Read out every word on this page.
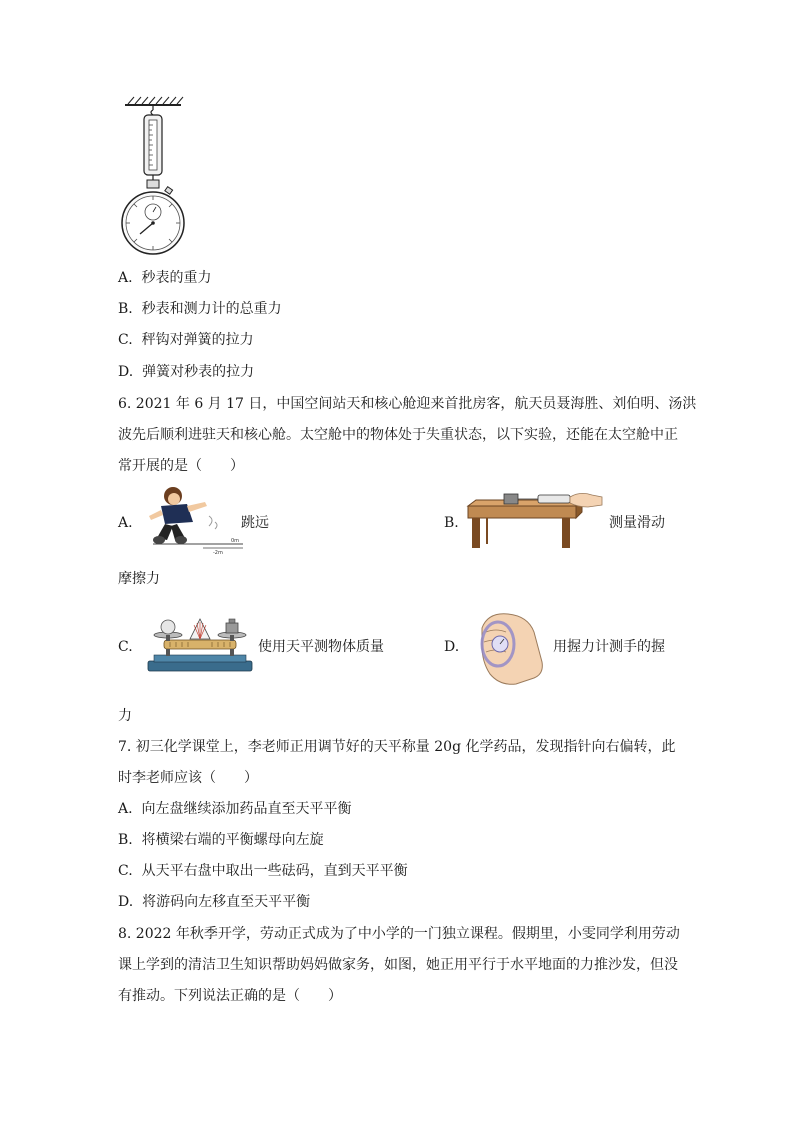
A. 秒表的重力
B. 秒表和测力计的总重力
C. 秤钩对弹簧的拉力
D. 弹簧对秒表的拉力
6. 2021 年 6 月 17 日，中国空间站天和核心舱迎来首批房客，航天员聂海胜、刘伯明、汤洪
波先后顺利进驻天和核心舱。太空舱中的物体处于失重状态，以下实验，还能在太空舱中正
常开展的是（　　）
A.
0m
-2m
跳远	B.	测量滑动
摩擦力
C.	使用天平测物体质量	D.	用握力计测手的握
力
7. 初三化学课堂上，李老师正用调节好的天平称量 20g 化学药品，发现指针向右偏转，此
时李老师应该（　　）
A. 向左盘继续添加药品直至天平平衡
B. 将横梁右端的平衡螺母向左旋
C. 从天平右盘中取出一些砝码，直到天平平衡
D. 将游码向左移直至天平平衡
8. 2022 年秋季开学，劳动正式成为了中小学的一门独立课程。假期里，小雯同学利用劳动
课上学到的清洁卫生知识帮助妈妈做家务，如图，她正用平行于水平地面的力推沙发，但没
有推动。下列说法正确的是（　　）
